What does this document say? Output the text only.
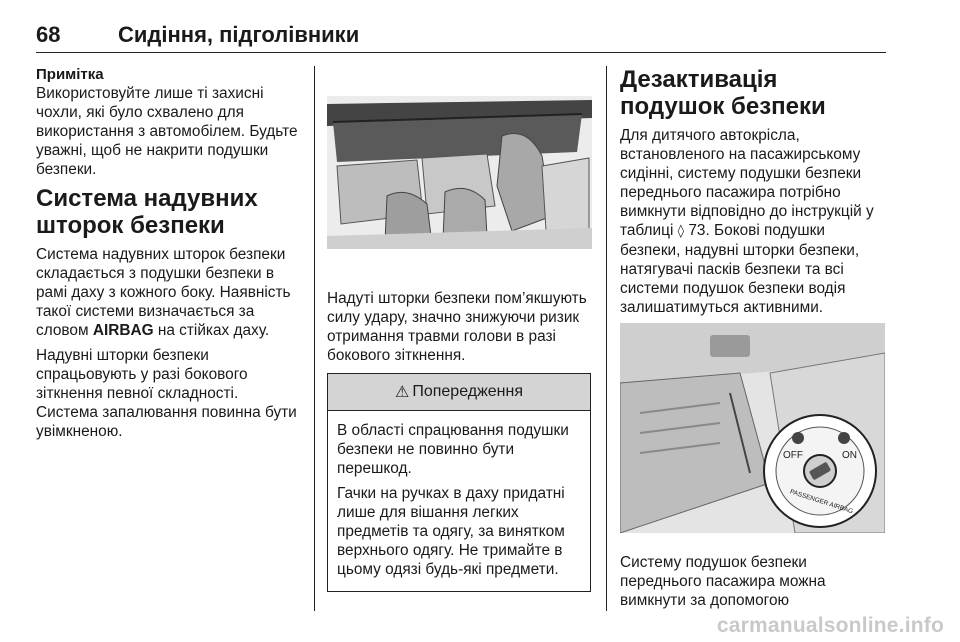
68	Сидіння, підголівники
Примітка

Використовуйте лише ті захисні чохли, які було схвалено для використання з автомобілем. Будьте уважні, щоб не накрити подушки безпеки.

Система надувних шторок безпеки

Система надувних шторок безпеки складається з подушки безпеки в рамі даху з кожного боку. Наявність такої системи визначається за словом AIRBAG на стійках даху.

Надувні шторки безпеки спрацьовують у разі бокового зіткнення певної складності. Система запалювання повинна бути увімкненою.

Надуті шторки безпеки пом’якшують силу удару, значно знижуючи ризик отримання травми голови в разі бокового зіткнення.

⚠ Попередження

В області спрацювання подушки безпеки не повинно бути перешкод.

Гачки на ручках в даху придатні лише для вішання легких предметів та одягу, за винятком верхнього одягу. Не тримайте в цьому одязі будь-які предмети.

Дезактивація подушок безпеки

Для дитячого автокрісла, встановленого на пасажирському сидінні, систему подушки безпеки переднього пасажира потрібно вимкнути відповідно до інструкцій у таблиці ◊ 73. Бокові подушки безпеки, надувні шторки безпеки, натягувачі пасків безпеки та всі системи подушок безпеки водія залишатимуться активними.

OFF	ON
PASSENGER AIRBAG

Систему подушок безпеки переднього пасажира можна вимкнути за допомогою

carmanualsonline.info
